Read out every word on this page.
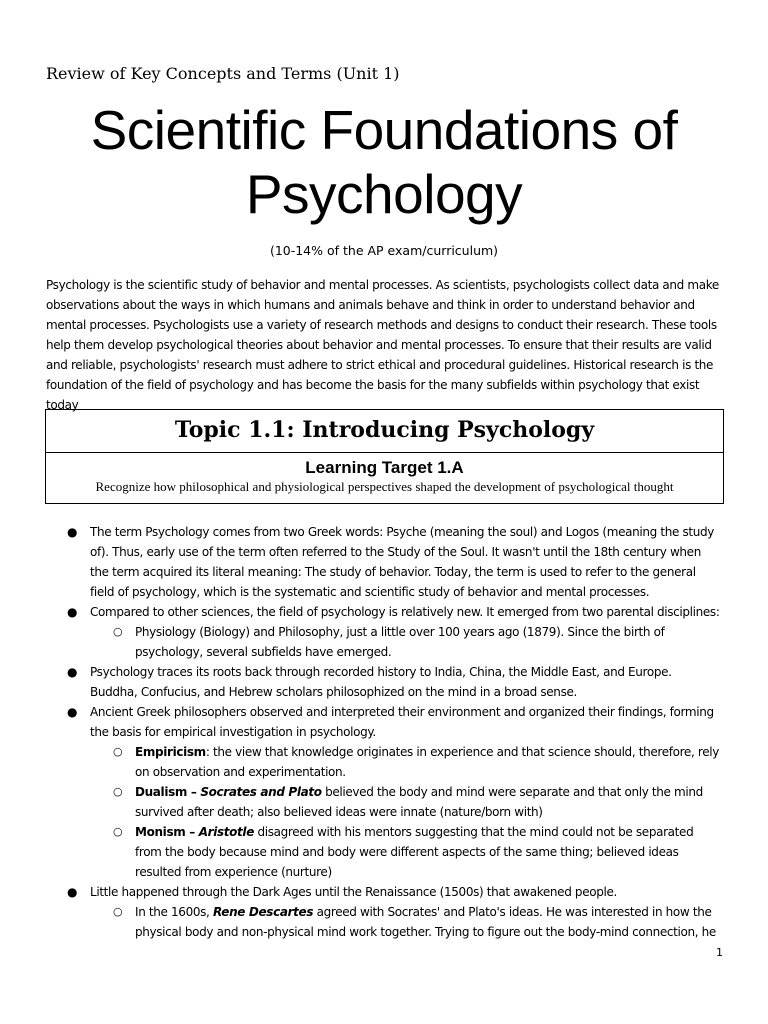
Review of Key Concepts and Terms (Unit 1)
Scientific Foundations of
Psychology
(10-14% of the AP exam/curriculum)
Psychology is the scientific study of behavior and mental processes. As scientists, psychologists collect data and make observations about the ways in which humans and animals behave and think in order to understand behavior and mental processes. Psychologists use a variety of research methods and designs to conduct their research. These tools help them develop psychological theories about behavior and mental processes. To ensure that their results are valid and reliable, psychologists' research must adhere to strict ethical and procedural guidelines. Historical research is the foundation of the field of psychology and has become the basis for the many subfields within psychology that exist today
Topic 1.1: Introducing Psychology
Learning Target 1.A
Recognize how philosophical and physiological perspectives shaped the development of psychological thought
● The term Psychology comes from two Greek words: Psyche (meaning the soul) and Logos (meaning the study of). Thus, early use of the term often referred to the Study of the Soul. It wasn't until the 18th century when the term acquired its literal meaning: The study of behavior. Today, the term is used to refer to the general field of psychology, which is the systematic and scientific study of behavior and mental processes.
● Compared to other sciences, the field of psychology is relatively new. It emerged from two parental disciplines:
○ Physiology (Biology) and Philosophy, just a little over 100 years ago (1879). Since the birth of psychology, several subfields have emerged.
● Psychology traces its roots back through recorded history to India, China, the Middle East, and Europe. Buddha, Confucius, and Hebrew scholars philosophized on the mind in a broad sense.
● Ancient Greek philosophers observed and interpreted their environment and organized their findings, forming the basis for empirical investigation in psychology.
○ Empiricism: the view that knowledge originates in experience and that science should, therefore, rely on observation and experimentation.
○ Dualism – Socrates and Plato believed the body and mind were separate and that only the mind survived after death; also believed ideas were innate (nature/born with)
○ Monism – Aristotle disagreed with his mentors suggesting that the mind could not be separated from the body because mind and body were different aspects of the same thing; believed ideas resulted from experience (nurture)
● Little happened through the Dark Ages until the Renaissance (1500s) that awakened people.
○ In the 1600s, Rene Descartes agreed with Socrates' and Plato's ideas. He was interested in how the physical body and non-physical mind work together. Trying to figure out the body-mind connection, he
1
